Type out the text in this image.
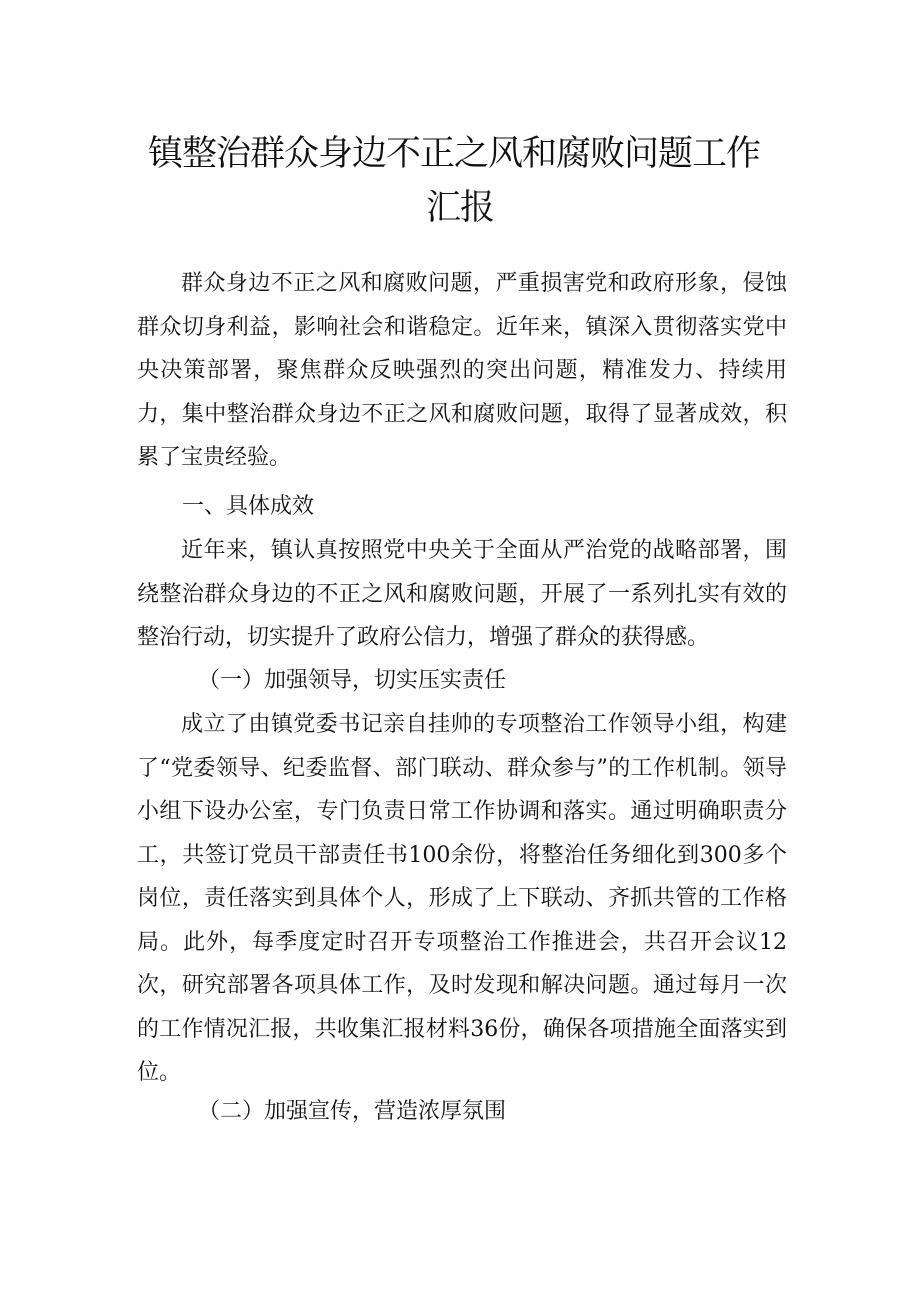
镇整治群众身边不正之风和腐败问题工作
汇报

群众身边不正之风和腐败问题，严重损害党和政府形象，侵蚀群众切身利益，影响社会和谐稳定。近年来，镇深入贯彻落实党中央决策部署，聚焦群众反映强烈的突出问题，精准发力、持续用力，集中整治群众身边不正之风和腐败问题，取得了显著成效，积累了宝贵经验。

一、具体成效

近年来，镇认真按照党中央关于全面从严治党的战略部署，围绕整治群众身边的不正之风和腐败问题，开展了一系列扎实有效的整治行动，切实提升了政府公信力，增强了群众的获得感。

（一）加强领导，切实压实责任

成立了由镇党委书记亲自挂帅的专项整治工作领导小组，构建了“党委领导、纪委监督、部门联动、群众参与”的工作机制。领导小组下设办公室，专门负责日常工作协调和落实。通过明确职责分工，共签订党员干部责任书100余份，将整治任务细化到300多个岗位，责任落实到具体个人，形成了上下联动、齐抓共管的工作格局。此外，每季度定时召开专项整治工作推进会，共召开会议12次，研究部署各项具体工作，及时发现和解决问题。通过每月一次的工作情况汇报，共收集汇报材料36份，确保各项措施全面落实到位。

（二）加强宣传，营造浓厚氛围
